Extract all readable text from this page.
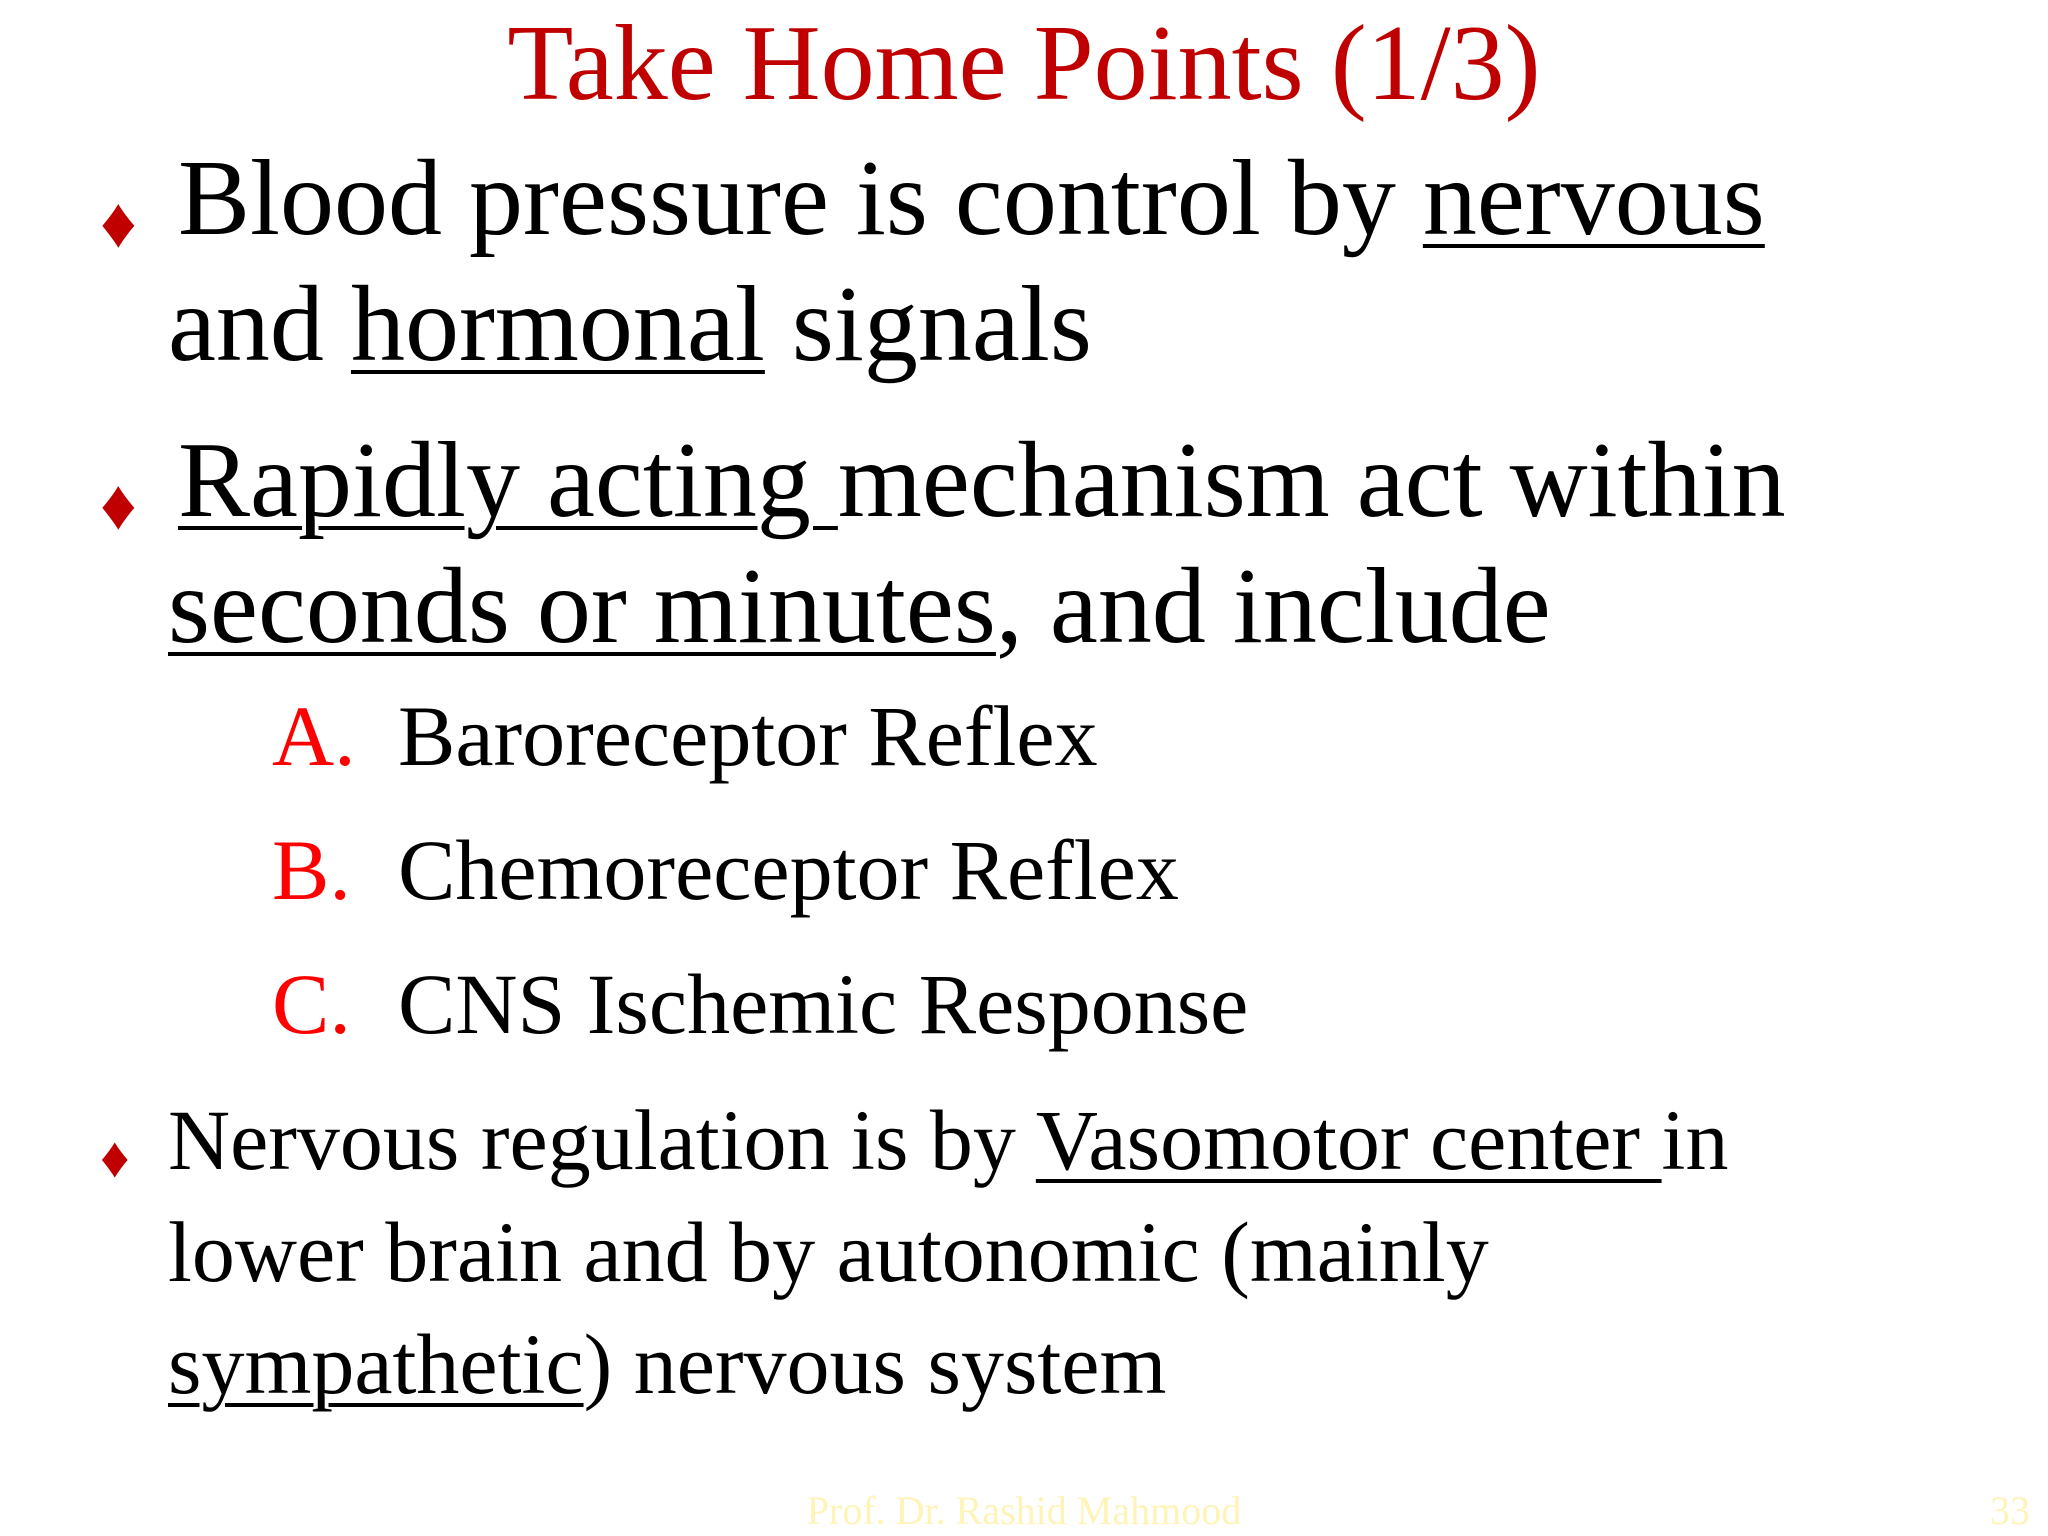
Take Home Points (1/3)
♦ Blood pressure is control by nervous
and hormonal signals
♦ Rapidly acting mechanism act within
seconds or minutes, and include
A. Baroreceptor Reflex
B. Chemoreceptor Reflex
C. CNS Ischemic Response
♦ Nervous regulation is by Vasomotor center in
lower brain and by autonomic (mainly
sympathetic) nervous system
Prof. Dr. Rashid Mahmood	33
